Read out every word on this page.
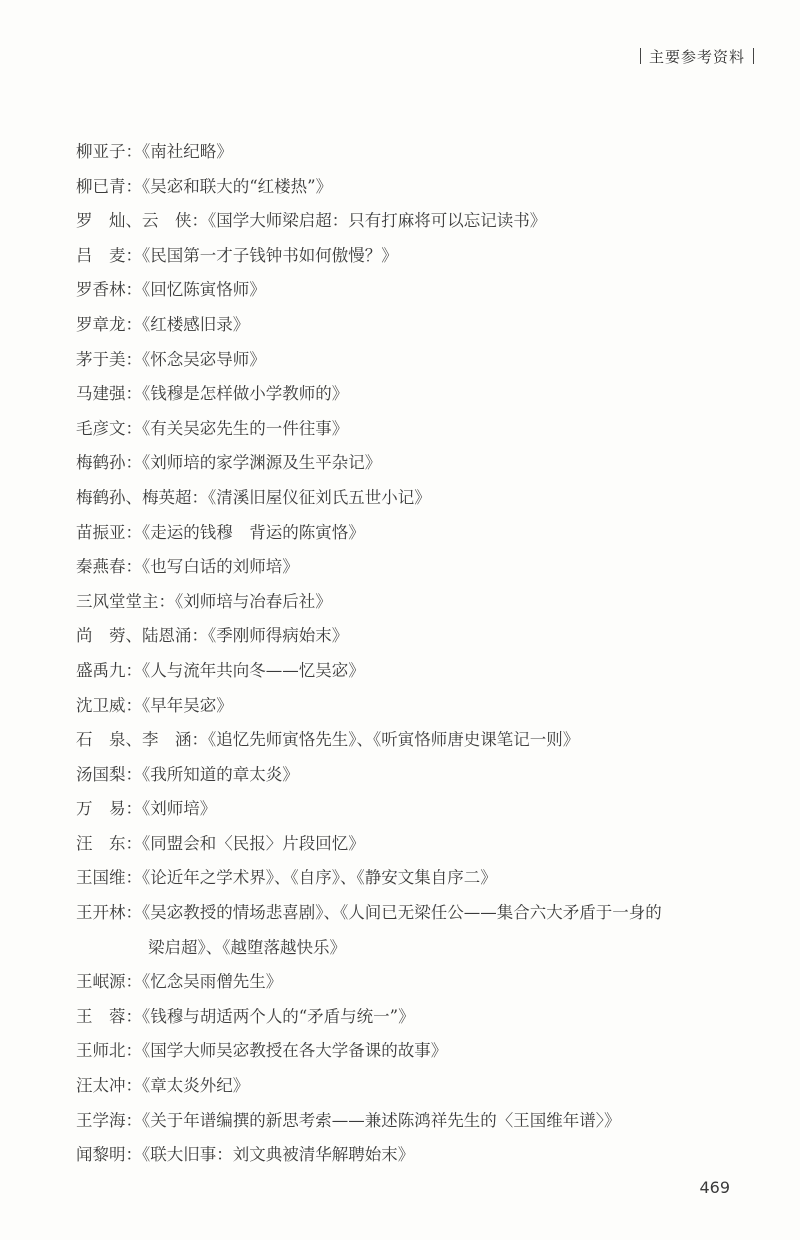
主要参考资料
柳亚子：《南社纪略》
柳已青：《吴宓和联大的“红楼热”》
罗　灿、云　侠：《国学大师梁启超：只有打麻将可以忘记读书》
吕　麦：《民国第一才子钱钟书如何傲慢？》
罗香林：《回忆陈寅恪师》
罗章龙：《红楼感旧录》
茅于美：《怀念吴宓导师》
马建强：《钱穆是怎样做小学教师的》
毛彦文：《有关吴宓先生的一件往事》
梅鹤孙：《刘师培的家学渊源及生平杂记》
梅鹤孙、梅英超：《清溪旧屋仪征刘氏五世小记》
苗振亚：《走运的钱穆　背运的陈寅恪》
秦燕春：《也写白话的刘师培》
三风堂堂主：《刘师培与冶春后社》
尚　䓖、陆恩涌：《季刚师得病始末》
盛禹九：《人与流年共向冬——忆吴宓》
沈卫威：《早年吴宓》
石　泉、李　涵：《追忆先师寅恪先生》、《听寅恪师唐史课笔记一则》
汤国梨：《我所知道的章太炎》
万　易：《刘师培》
汪　东：《同盟会和〈民报〉片段回忆》
王国维：《论近年之学术界》、《自序》、《静安文集自序二》
王开林：《吴宓教授的情场悲喜剧》、《人间已无梁任公——集合六大矛盾于一身的
梁启超》、《越堕落越快乐》
王岷源：《忆念吴雨僧先生》
王　蓉：《钱穆与胡适两个人的“矛盾与统一”》
王师北：《国学大师吴宓教授在各大学备课的故事》
汪太冲：《章太炎外纪》
王学海：《关于年谱编撰的新思考索——兼述陈鸿祥先生的〈王国维年谱〉》
闻黎明：《联大旧事：刘文典被清华解聘始末》
469
